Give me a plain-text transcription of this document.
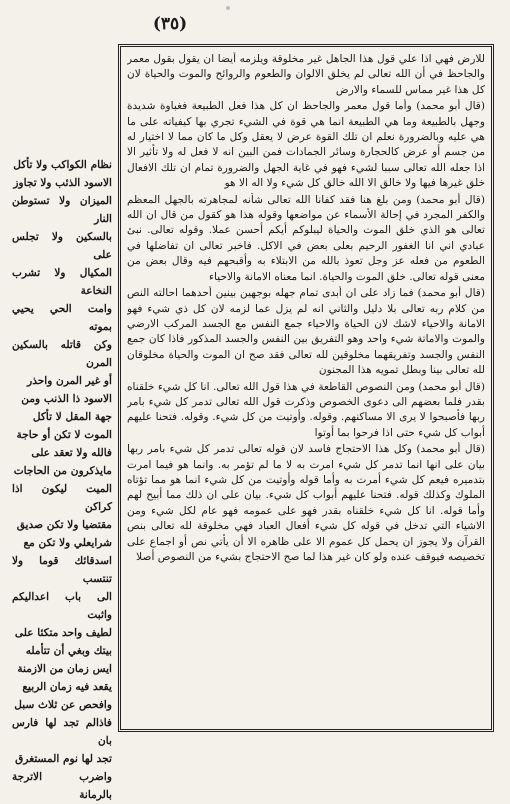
(٣٥)

للارض فهي اذا علي قول هذا الجاهل غير مخلوقة ويلزمه أيضا ان يقول بقول معمر والجاحظ في أن الله تعالى لم يخلق الالوان والطعوم والروائح والموت والحياة لان كل هذا غير مماس للسماء والارض

(قال أبو محمد) وأما قول معمر والجاحظ ان كل هذا فعل الطبيعة فغباوة شديدة وجهل بالطبيعة وما هي الطبيعة انما هي قوة في الشيء تجري بها كيفياته على ما هي عليه وبالضرورة نعلم ان تلك القوة عرض لا يعقل وكل ما كان مما لا اختيار له من جسم أو عرض كالحجارة وسائر الجمادات فمن البين انه لا فعل له ولا تأثير الا اذا جعله الله تعالى سببا لشيء فهو في غاية الجهل والضرورة تمام ان تلك الافعال خلق غيرها فيها ولا خالق الا الله خالق كل شيء ولا اله الا هو

(قال أبو محمد) ومن بلغ هنا فقد كفانا الله تعالى شأنه لمجاهرته بالجهل المعظم والكفر المجرد في إحالة الأسماء عن مواضعها وقوله هذا هو كقول من قال ان الله تعالى هو الذي خلق الموت والحياة ليبلوكم أيكم أحسن عملا. وقوله تعالى. نبئ عبادي اني انا الغفور الرحيم بعلى بعض في الاكل. فاخبر تعالى ان تفاضلها في الطعوم من فعله عز وجل تعوذ بالله من الابتلاء به وأقبحهم فيه وقال بعض من معنى قوله تعالى. خلق الموت والحياة. انما معناه الامانة والاحياء

(قال أبو محمد) فما زاد على ان أبدى تمام جهله بوجهين بينين أحدهما احالته النص من كلام ربه تعالى بلا دليل والثاني انه لم يزل عما لزمه لان كل ذي شيء فهو الامانة والاحياء لاشك لان الحياة والاحياء جمع النفس مع الجسد المركب الارضي والموت والاماتة شيء واحد وهو التفريق بين النفس والجسد المذكور فاذا كان جمع النفس والجسد وتفريقهما مخلوقين لله تعالى فقد صح ان الموت والحياة مخلوقان لله تعالى بينا وبطل تمويه هذا المجنون

(قال أبو محمد) ومن النصوص القاطعة في هذا قول الله تعالى. انا كل شيء خلقناه بقدر فلما بعضهم الى دعوى الخصوص وذكرت قول الله تعالى تدمر كل شيء بامر ربها فأصبحوا لا يرى الا مساكنهم. وقوله. وأوتيت من كل شيء. وقوله. فتحنا عليهم أبواب كل شيء حتى اذا فرحوا بما أوتوا

(قال أبو محمد) وكل هذا الاحتجاج فاسد لان قوله تعالى تدمر كل شيء بامر ربها بيان على انها انما تدمر كل شيء امرت به لا ما لم تؤمر به. وانما هو فيما امرت بتدميره فيعم كل شيء أمرت به وأما قوله وأوتيت من كل شيء انما هو مما تؤتاه الملوك وكذلك قوله. فتحنا عليهم أبواب كل شيء. بيان على ان ذلك مما أبيح لهم وأما قوله. انا كل شيء خلقناه بقدر فهو على عمومه فهو عام لكل شيء ومن الاشياء التي تدخل في قوله كل شيء أفعال العباد فهي مخلوقة لله تعالى بنص القرآن ولا يجوز ان يحمل كل عموم الا على ظاهره الا أن يأتي نص أو اجماع على تخصيصه فيوقف عنده ولو كان غير هذا لما صح الاحتجاج بشيء من النصوص أصلا

نظام الكواكب ولا تأكل
الاسود الذئب ولا تجاوز
الميزان ولا تستوطن النار
بالسكين ولا تجلس على
المكيال ولا تشرب النخاعة
وامت الحي يحيي بموته
وكن قاتله بالسكين المرن
أو غير المرن واحذر
الاسود ذا الذنب ومن
جهة المقل لا تأكل
الموت لا تكن أو حاجة
فالله ولا تعقد على
مايذكرون من الحاجات
الميت ليكون اذا كراكن
مقتضيا ولا تكن صديق
شرايعلي ولا تكن مع
اسدقائك قوما ولا تنتسب
الى باب اعداليكم واثبت
لطيف واحد متكئا على
بيتك وبغي أن تتأمله
ايس زمان من الازمنة
يقعد فيه زمان الربيع
وافحص عن ثلاث سبل
فاذالم تجد لها فارس بان
تجد لها نوم المستغرق
واضرب الاترجة بالرمانة
